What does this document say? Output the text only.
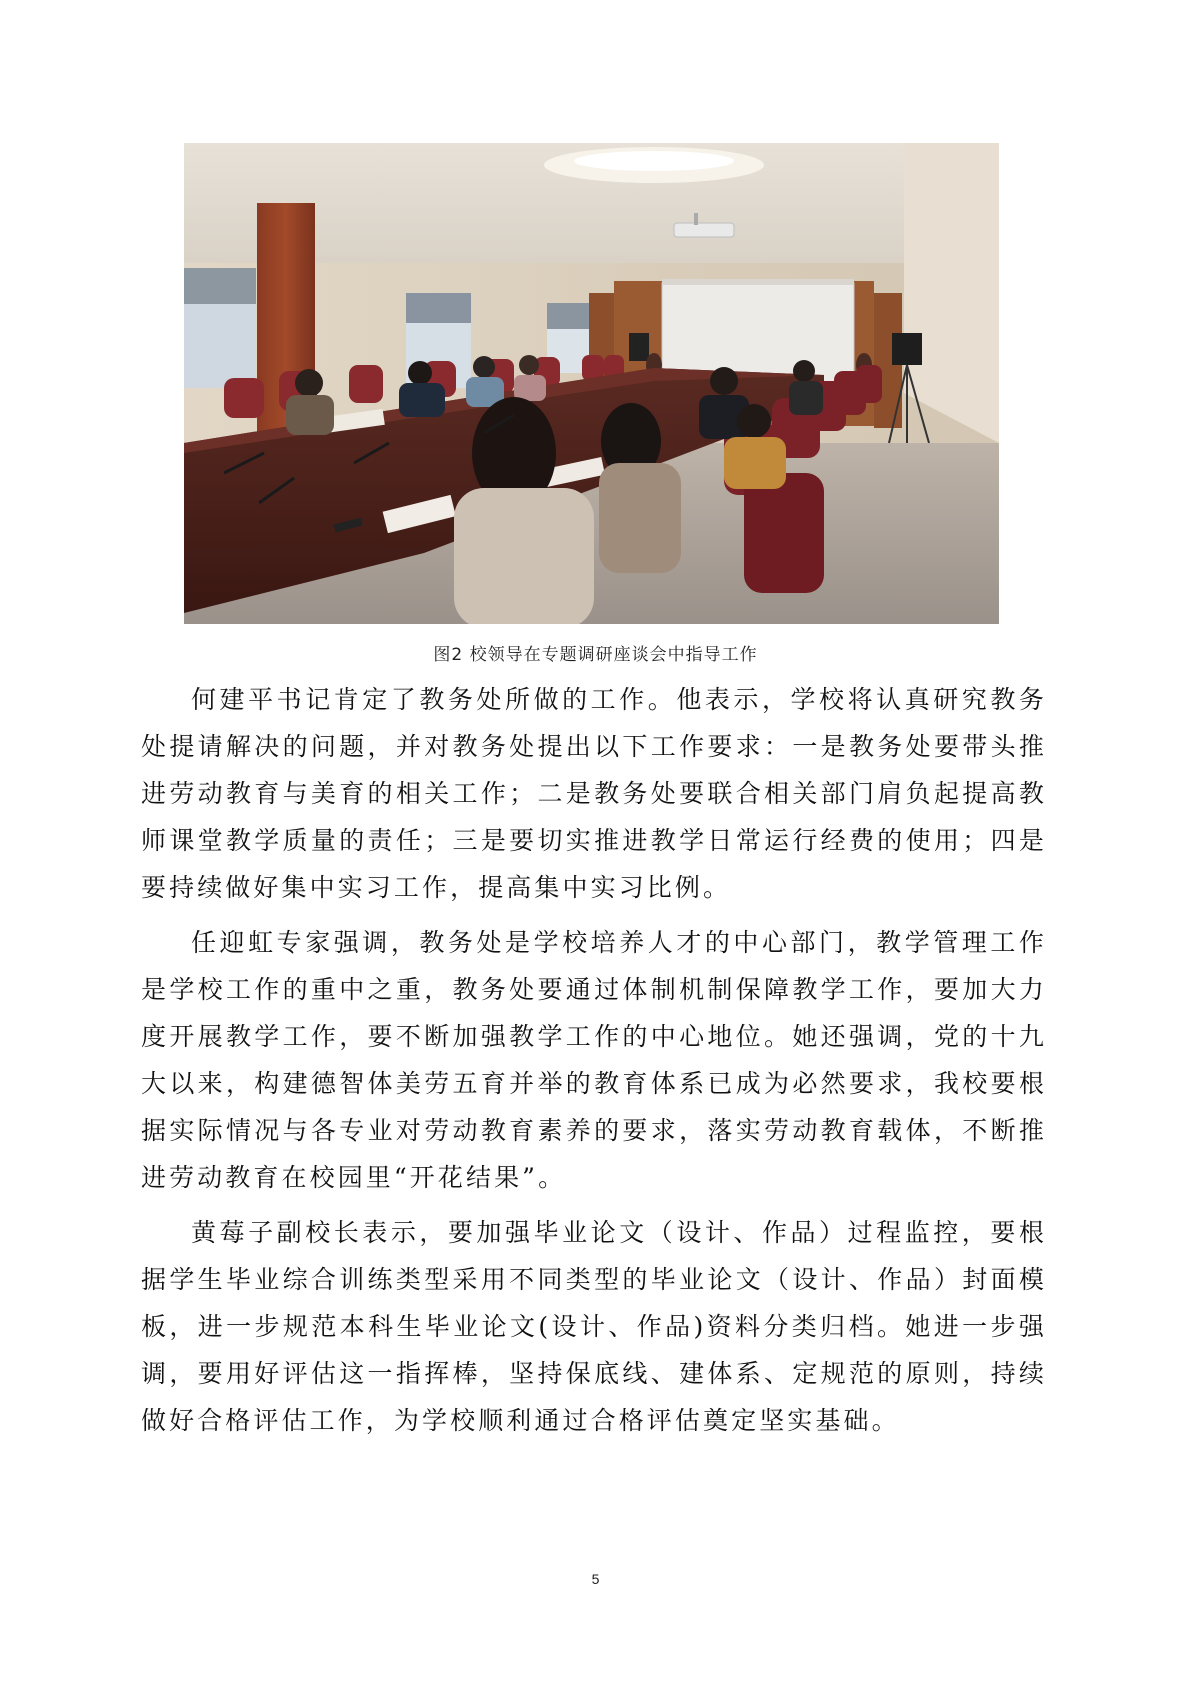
图2 校领导在专题调研座谈会中指导工作

何建平书记肯定了教务处所做的工作。他表示，学校将认真研究教务处提请解决的问题，并对教务处提出以下工作要求：一是教务处要带头推进劳动教育与美育的相关工作；二是教务处要联合相关部门肩负起提高教师课堂教学质量的责任；三是要切实推进教学日常运行经费的使用；四是要持续做好集中实习工作，提高集中实习比例。

任迎虹专家强调，教务处是学校培养人才的中心部门，教学管理工作是学校工作的重中之重，教务处要通过体制机制保障教学工作，要加大力度开展教学工作，要不断加强教学工作的中心地位。她还强调，党的十九大以来，构建德智体美劳五育并举的教育体系已成为必然要求，我校要根据实际情况与各专业对劳动教育素养的要求，落实劳动教育载体，不断推进劳动教育在校园里“开花结果”。

黄莓子副校长表示，要加强毕业论文（设计、作品）过程监控，要根据学生毕业综合训练类型采用不同类型的毕业论文（设计、作品）封面模板，进一步规范本科生毕业论文(设计、作品)资料分类归档。她进一步强调，要用好评估这一指挥棒，坚持保底线、建体系、定规范的原则，持续做好合格评估工作，为学校顺利通过合格评估奠定坚实基础。

5
